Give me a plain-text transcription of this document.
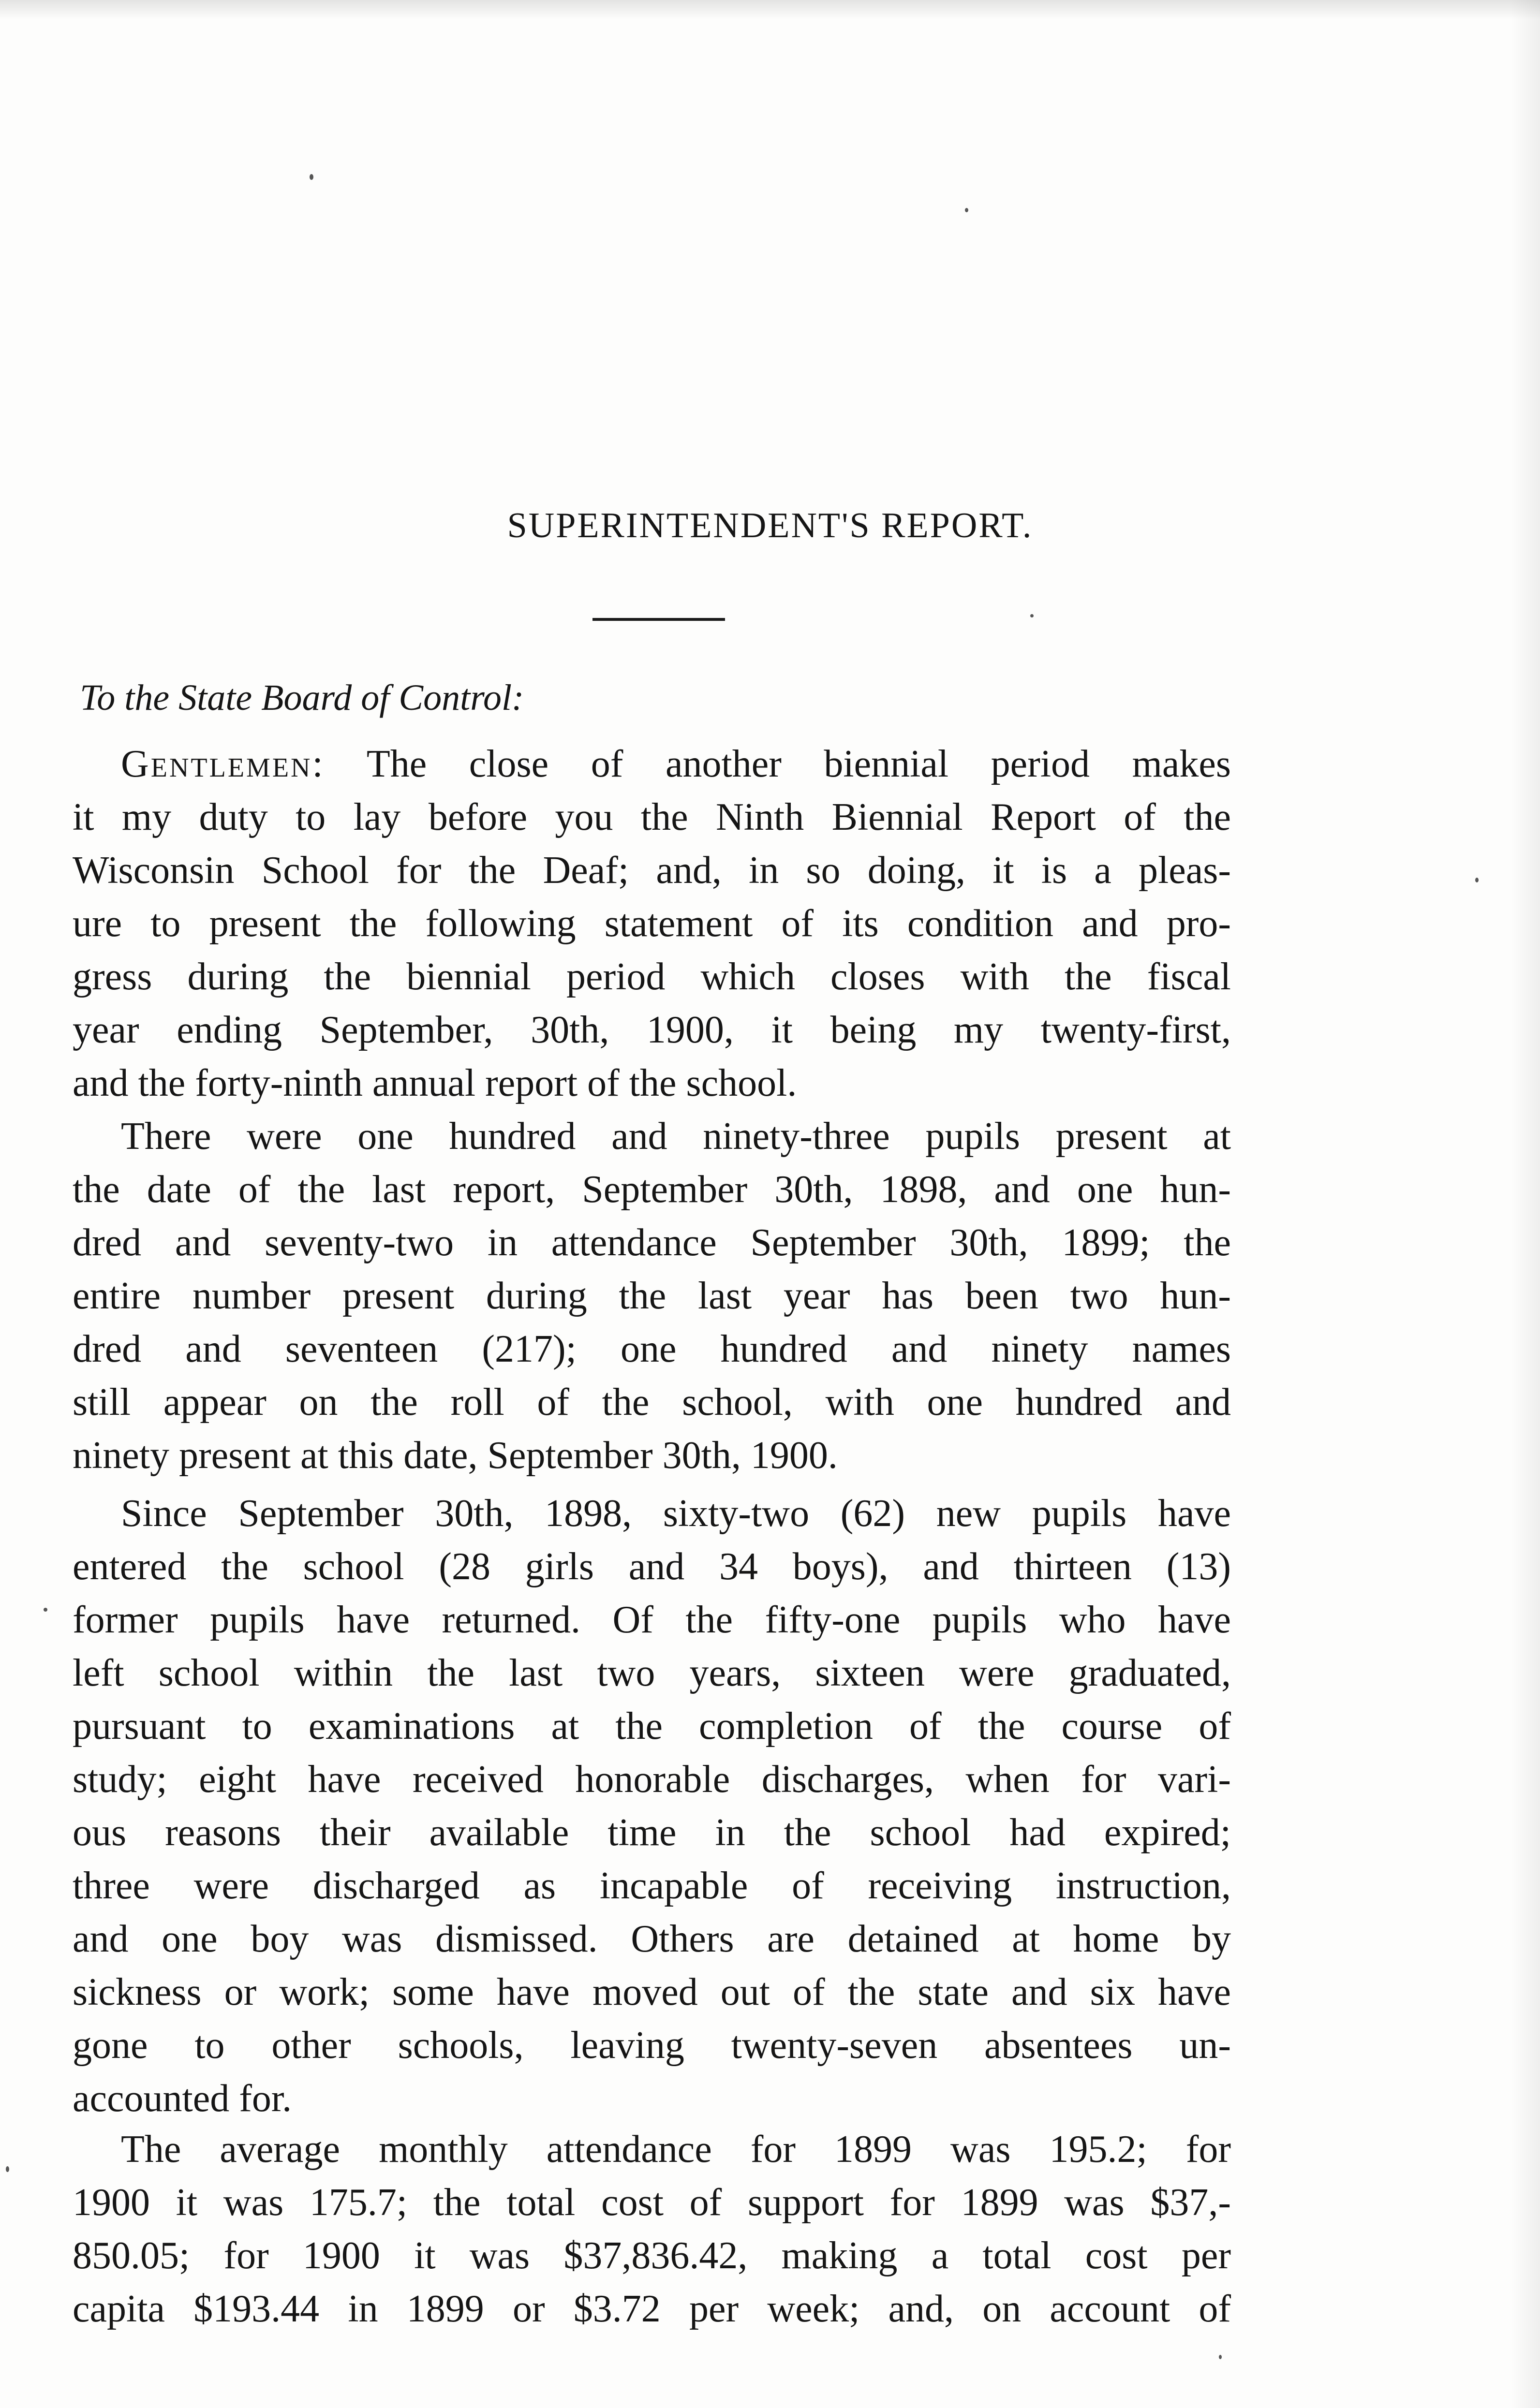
SUPERINTENDENT'S REPORT.
To the State Board of Control:
Gentlemen: The close of another biennial period makes
it my duty to lay before you the Ninth Biennial Report of the
Wisconsin School for the Deaf; and, in so doing, it is a pleas-
ure to present the following statement of its condition and pro-
gress during the biennial period which closes with the fiscal
year ending September, 30th, 1900, it being my twenty-first,
and the forty-ninth annual report of the school.
There were one hundred and ninety-three pupils present at
the date of the last report, September 30th, 1898, and one hun-
dred and seventy-two in attendance September 30th, 1899; the
entire number present during the last year has been two hun-
dred and seventeen (217); one hundred and ninety names
still appear on the roll of the school, with one hundred and
ninety present at this date, September 30th, 1900.
Since September 30th, 1898, sixty-two (62) new pupils have
entered the school (28 girls and 34 boys), and thirteen (13)
former pupils have returned. Of the fifty-one pupils who have
left school within the last two years, sixteen were graduated,
pursuant to examinations at the completion of the course of
study; eight have received honorable discharges, when for vari-
ous reasons their available time in the school had expired;
three were discharged as incapable of receiving instruction,
and one boy was dismissed. Others are detained at home by
sickness or work; some have moved out of the state and six have
gone to other schools, leaving twenty-seven absentees un-
accounted for.
The average monthly attendance for 1899 was 195.2; for
1900 it was 175.7; the total cost of support for 1899 was $37,-
850.05; for 1900 it was $37,836.42, making a total cost per
capita $193.44 in 1899 or $3.72 per week; and, on account of
